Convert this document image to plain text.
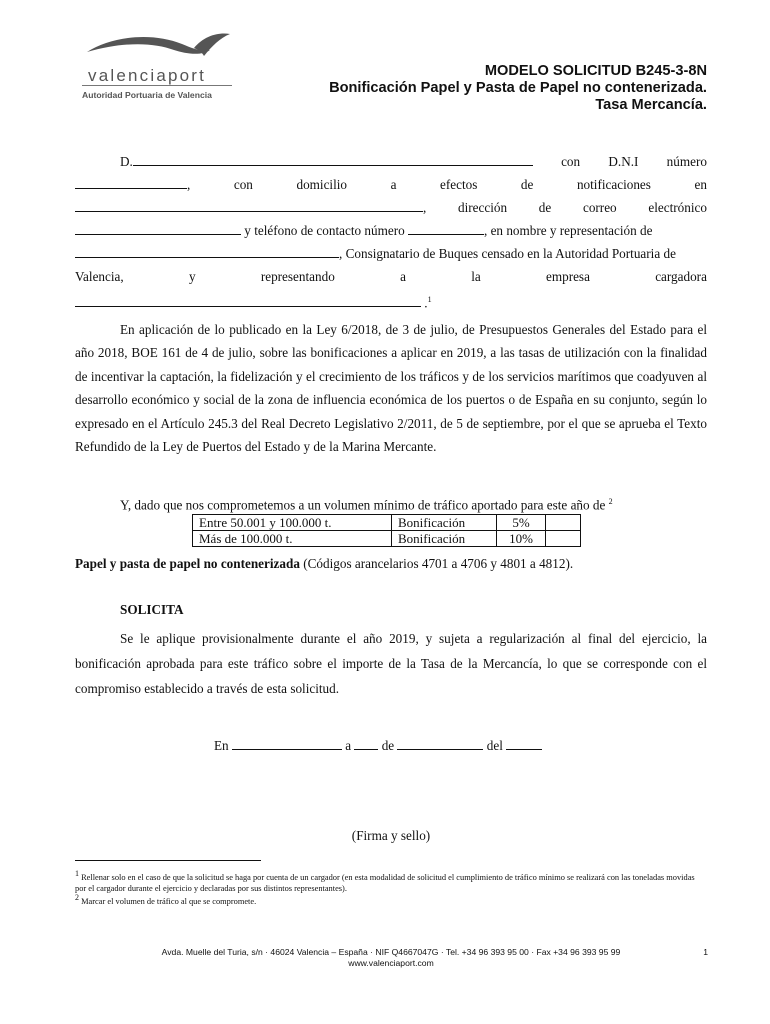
valenciaport
Autoridad Portuaria de Valencia
MODELO SOLICITUD B245-3-8N
Bonificación Papel y Pasta de Papel no contenerizada.
Tasa Mercancía.
D.	con D.N.I número
,	con	domicilio	a	efectos	de	notificaciones	en
, dirección de correo electrónico
y teléfono de contacto número	, en nombre y representación de
, Consignatario de Buques censado en la Autoridad Portuaria de
Valencia,	y	representando	a	la	empresa	cargadora
.$^1$
En aplicación de lo publicado en la Ley 6/2018, de 3 de julio, de Presupuestos Generales del Estado para el año 2018, BOE 161 de 4 de julio, sobre las bonificaciones a aplicar en 2019, a las tasas de utilización con la finalidad de incentivar la captación, la fidelización y el crecimiento de los tráficos y de los servicios marítimos que coadyuven al desarrollo económico y social de la zona de influencia económica de los puertos o de España en su conjunto, según lo expresado en el Artículo 245.3 del Real Decreto Legislativo 2/2011, de 5 de septiembre, por el que se aprueba el Texto Refundido de la Ley de Puertos del Estado y de la Marina Mercante.
Y, dado que nos comprometemos a un volumen mínimo de tráfico aportado para este año de $^2$
Entre 50.001 y 100.000 t.	Bonificación	5%	
Más de 100.000 t.	Bonificación	10%	
Papel y pasta de papel no contenerizada (Códigos arancelarios 4701 a 4706 y 4801 a 4812).
SOLICITA
Se le aplique provisionalmente durante el año 2019, y sujeta a regularización al final del ejercicio, la bonificación aprobada para este tráfico sobre el importe de la Tasa de la Mercancía, lo que se corresponde con el compromiso establecido a través de esta solicitud.
En	a de	del
(Firma y sello)
$^1$ Rellenar solo en el caso de que la solicitud se haga por cuenta de un cargador (en esta modalidad de solicitud el cumplimiento de tráfico mínimo se realizará con las toneladas movidas por el cargador durante el ejercicio y declaradas por sus distintos representantes).
$^2$ Marcar el volumen de tráfico al que se compromete.
Avda. Muelle del Turia, s/n · 46024 Valencia – España · NIF Q4667047G · Tel. +34 96 393 95 00 · Fax +34 96 393 95 99
www.valenciaport.com
1
